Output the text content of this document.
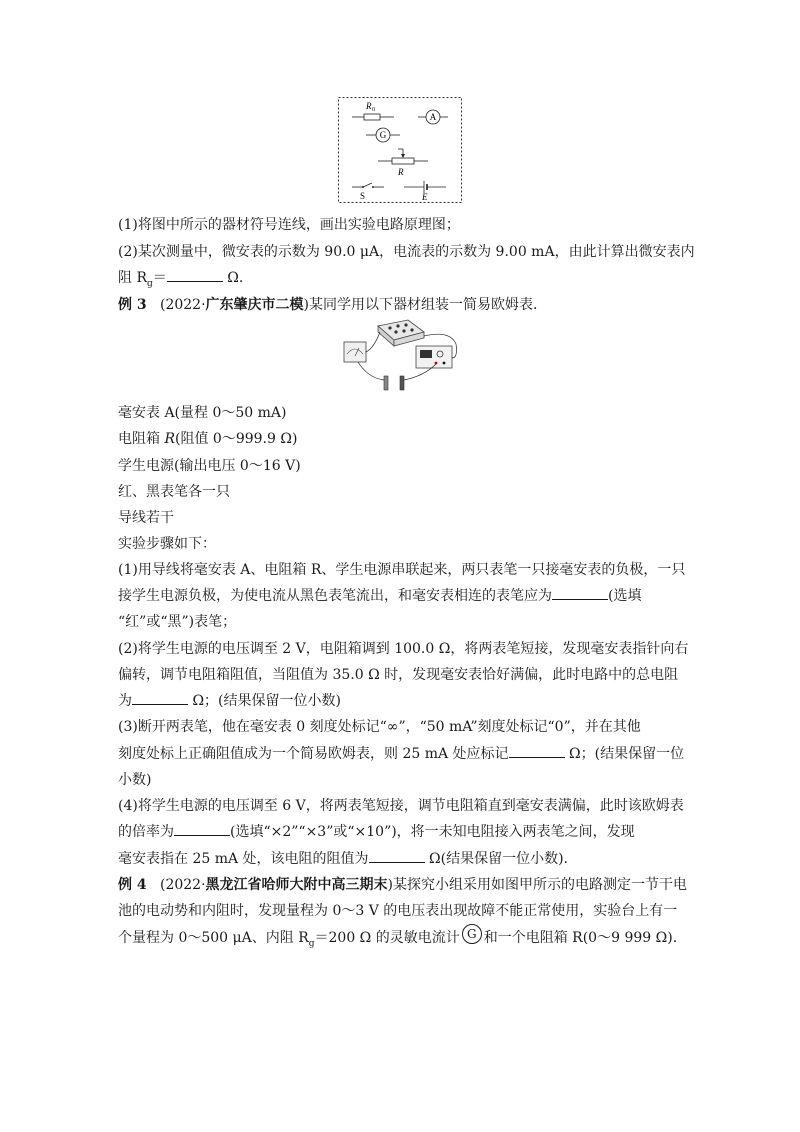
R 0
A
G
R
S	E
(1)将图中所示的器材符号连线，画出实验电路原理图；
(2)某次测量中，微安表的示数为 90.0 μA，电流表的示数为 9.00 mA，由此计算出微安表内
阻 $R_g=$	Ω.
例 3 (2022·广东肇庆市二模)某同学用以下器材组装一简易欧姆表.
毫安表 A(量程 0～50 mA)
电阻箱 R(阻值 0～999.9 Ω)
学生电源(输出电压 0～16 V)
红、黑表笔各一只
导线若干
实验步骤如下：
(1)用导线将毫安表 A、电阻箱 R、学生电源串联起来，两只表笔一只接毫安表的负极，一只
接学生电源负极，为使电流从黑色表笔流出，和毫安表相连的表笔应为	(选填
“红”或“黑”)表笔；
(2)将学生电源的电压调至 2 V，电阻箱调到 100.0 Ω，将两表笔短接，发现毫安表指针向右
偏转，调节电阻箱阻值，当阻值为 35.0 Ω 时，发现毫安表恰好满偏，此时电路中的总电阻
为	Ω；(结果保留一位小数)
(3)断开两表笔，他在毫安表 0 刻度处标记“∞”，“50 mA”刻度处标记“0”，并在其他
刻度处标上正确阻值成为一个简易欧姆表，则 25 mA 处应标记	Ω；(结果保留一位
小数)
(4)将学生电源的电压调至 6 V，将两表笔短接，调节电阻箱直到毫安表满偏，此时该欧姆表
的倍率为	(选填“×2”“×3”或“×10”)，将一未知电阻接入两表笔之间，发现
毫安表指在 25 mA 处，该电阻的阻值为	Ω(结果保留一位小数).
例 4 (2022·黑龙江省哈师大附中高三期末)某探究小组采用如图甲所示的电路测定一节干电
池的电动势和内阻时，发现量程为 0～3 V 的电压表出现故障不能正常使用，实验台上有一
个量程为 0～500 μA、内阻 $R_g=200$ Ω 的灵敏电流计 G 和一个电阻箱 R(0～9 999 Ω).
